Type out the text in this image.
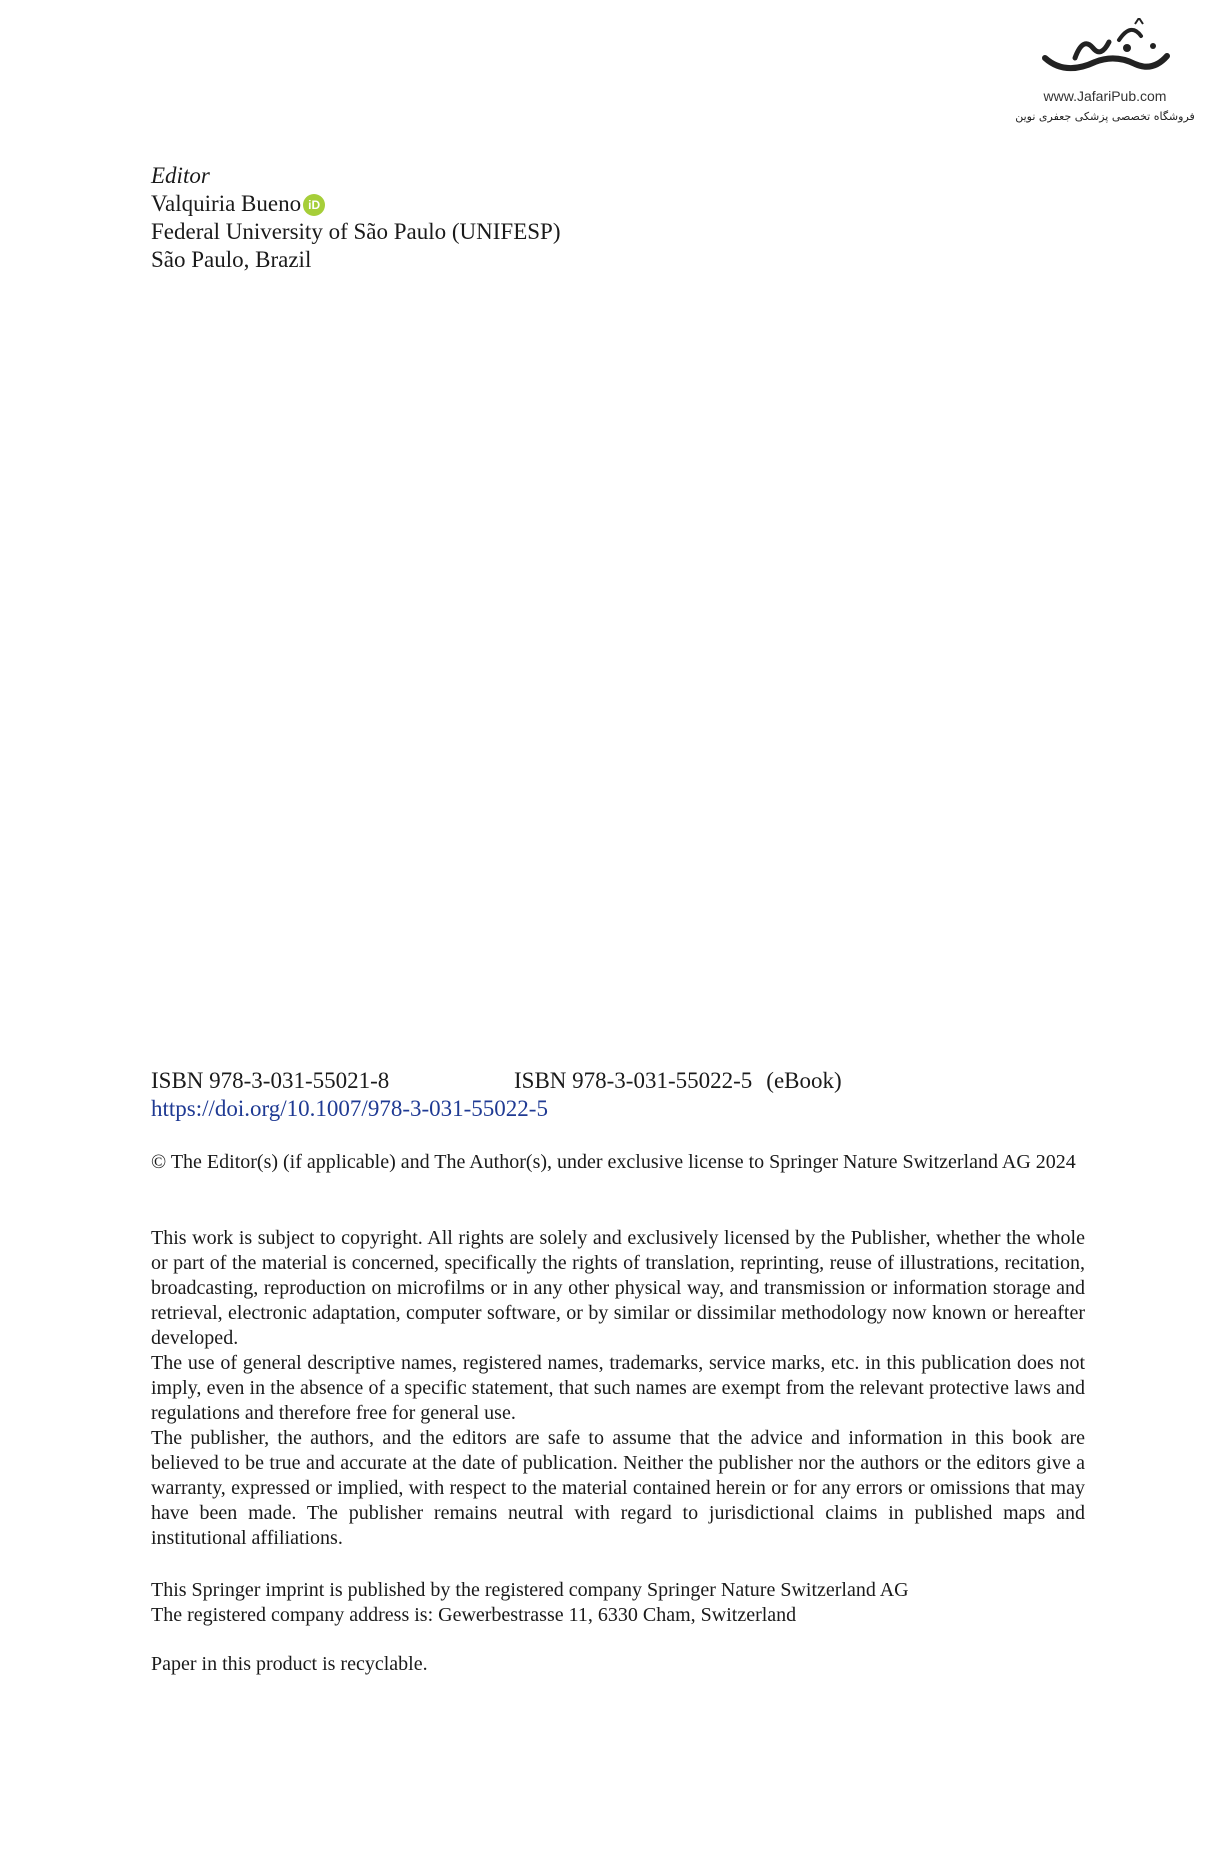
www.JafariPub.com
فروشگاه تخصصی پزشکی جعفری نوین
Editor
Valquiria Bueno iD
Federal University of São Paulo (UNIFESP)
São Paulo, Brazil
ISBN 978-3-031-55021-8	ISBN 978-3-031-55022-5 (eBook)
https://doi.org/10.1007/978-3-031-55022-5
© The Editor(s) (if applicable) and The Author(s), under exclusive license to Springer Nature Switzerland AG 2024

This work is subject to copyright. All rights are solely and exclusively licensed by the Publisher, whether the whole or part of the material is concerned, specifically the rights of translation, reprinting, reuse of illustrations, recitation, broadcasting, reproduction on microfilms or in any other physical way, and transmission or information storage and retrieval, electronic adaptation, computer software, or by similar or dissimilar methodology now known or hereafter developed.

The use of general descriptive names, registered names, trademarks, service marks, etc. in this publication does not imply, even in the absence of a specific statement, that such names are exempt from the relevant protective laws and regulations and therefore free for general use.

The publisher, the authors, and the editors are safe to assume that the advice and information in this book are believed to be true and accurate at the date of publication. Neither the publisher nor the authors or the editors give a warranty, expressed or implied, with respect to the material contained herein or for any errors or omissions that may have been made. The publisher remains neutral with regard to jurisdictional claims in published maps and institutional affiliations.

This Springer imprint is published by the registered company Springer Nature Switzerland AG

The registered company address is: Gewerbestrasse 11, 6330 Cham, Switzerland

Paper in this product is recyclable.
